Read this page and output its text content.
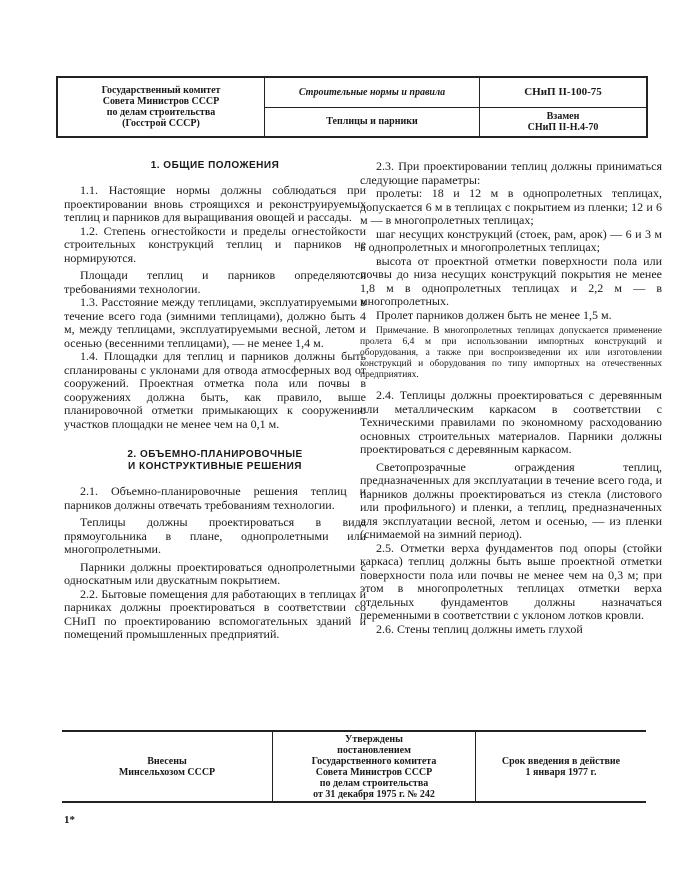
Государственный комитет
Совета Министров СССР
по делам строительства
(Госстрой СССР)
Строительные нормы и правила
Теплицы и парники
СНиП II-100-75
Взамен
СНиП II-Н.4-70
1. ОБЩИЕ ПОЛОЖЕНИЯ

1.1. Настоящие нормы должны соблюдаться при проектировании вновь строящихся и реконструируемых теплиц и парников для выращивания овощей и рассады.

1.2. Степень огнестойкости и пределы огнестойкости строительных конструкций теплиц и парников не нормируются.

Площади теплиц и парников определяются требованиями технологии.

1.3. Расстояние между теплицами, эксплуатируемыми в течение всего года (зимними теплицами), должно быть 4 м, между теплицами, эксплуатируемыми весной, летом и осенью (весенними теплицами), — не менее 1,4 м.

1.4. Площадки для теплиц и парников должны быть спланированы с уклонами для отвода атмосферных вод от сооружений. Проектная отметка пола или почвы в сооружениях должна быть, как правило, выше планировочной отметки примыкающих к сооружению участков площадки не менее чем на 0,1 м.

2. ОБЪЕМНО-ПЛАНИРОВОЧНЫЕ
И КОНСТРУКТИВНЫЕ РЕШЕНИЯ

2.1. Объемно-планировочные решения теплиц и парников должны отвечать требованиям технологии.

Теплицы должны проектироваться в виде прямоугольника в плане, однопролетными или многопролетными.

Парники должны проектироваться однопролетными с односкатным или двускатным покрытием.

2.2. Бытовые помещения для работающих в теплицах и парниках должны проектироваться в соответствии со СНиП по проектированию вспомогательных зданий и помещений промышленных предприятий.

2.3. При проектировании теплиц должны приниматься следующие параметры:

пролеты: 18 и 12 м в однопролетных теплицах, допускается 6 м в теплицах с покрытием из пленки; 12 и 6 м — в многопролетных теплицах;

шаг несущих конструкций (стоек, рам, арок) — 6 и 3 м в однопролетных и многопролетных теплицах;

высота от проектной отметки поверхности пола или почвы до низа несущих конструкций покрытия не менее 1,8 м в однопролетных теплицах и 2,2 м — в многопролетных.

Пролет парников должен быть не менее 1,5 м.

Примечание. В многопролетных теплицах допускается применение пролета 6,4 м при использовании импортных конструкций и оборудования, а также при воспроизведении их или изготовлении конструкций и оборудования по типу импортных на отечественных предприятиях.

2.4. Теплицы должны проектироваться с деревянным или металлическим каркасом в соответствии с Техническими правилами по экономному расходованию основных строительных материалов. Парники должны проектироваться с деревянным каркасом.

Светопрозрачные ограждения теплиц, предназначенных для эксплуатации в течение всего года, и парников должны проектироваться из стекла (листового или профильного) и пленки, а теплиц, предназначенных для эксплуатации весной, летом и осенью, — из пленки (снимаемой на зимний период).

2.5. Отметки верха фундаментов под опоры (стойки каркаса) теплиц должны быть выше проектной отметки поверхности пола или почвы не менее чем на 0,3 м; при этом в многопролетных теплицах отметки верха отдельных фундаментов должны назначаться переменными в соответствии с уклоном лотков кровли.

2.6. Стены теплиц должны иметь глухой

Внесены
Минсельхозом СССР
Утверждены
постановлением
Государственного комитета
Совета Министров СССР
по делам строительства
от 31 декабря 1975 г. № 242
Срок введения в действие
1 января 1977 г.
1*
